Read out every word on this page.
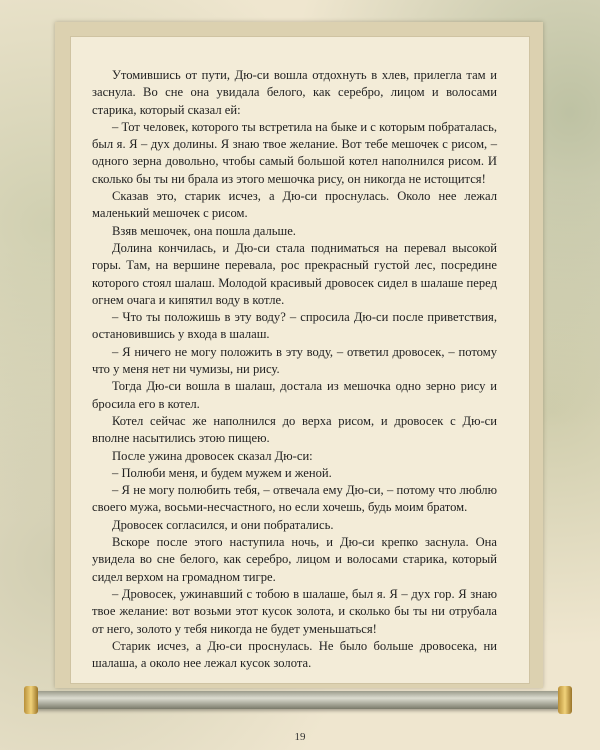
Утомившись от пути, Дю-си вошла отдохнуть в хлев, прилегла там и заснула. Во сне она увидала белого, как серебро, лицом и волосами старика, который сказал ей:

– Тот человек, которого ты встретила на быке и с которым побраталась, был я. Я – дух долины. Я знаю твое желание. Вот тебе мешочек с рисом, – одного зерна довольно, чтобы самый большой котел наполнился рисом. И сколько бы ты ни брала из этого мешочка рису, он никогда не истощится!

Сказав это, старик исчез, а Дю-си проснулась. Около нее лежал маленький мешочек с рисом.

Взяв мешочек, она пошла дальше.

Долина кончилась, и Дю-си стала подниматься на перевал высокой горы. Там, на вершине перевала, рос прекрасный густой лес, посредине которого стоял шалаш. Молодой красивый дровосек сидел в шалаше перед огнем очага и кипятил воду в котле.

– Что ты положишь в эту воду? – спросила Дю-си после приветствия, остановившись у входа в шалаш.

– Я ничего не могу положить в эту воду, – ответил дровосек, – потому что у меня нет ни чумизы, ни рису.

Тогда Дю-си вошла в шалаш, достала из мешочка одно зерно рису и бросила его в котел.

Котел сейчас же наполнился до верха рисом, и дровосек с Дю-си вполне насытились этою пищею.

После ужина дровосек сказал Дю-си:

– Полюби меня, и будем мужем и женой.

– Я не могу полюбить тебя, – отвечала ему Дю-си, – потому что люблю своего мужа, восьми-несчастного, но если хочешь, будь моим братом.

Дровосек согласился, и они побратались.

Вскоре после этого наступила ночь, и Дю-си крепко заснула. Она увидела во сне белого, как серебро, лицом и волосами старика, который сидел верхом на громадном тигре.

– Дровосек, ужинавший с тобою в шалаше, был я. Я – дух гор. Я знаю твое желание: вот возьми этот кусок золота, и сколько бы ты ни отрубала от него, золото у тебя никогда не будет уменьшаться!

Старик исчез, а Дю-си проснулась. Не было больше дровосека, ни шалаша, а около нее лежал кусок золота.

19
